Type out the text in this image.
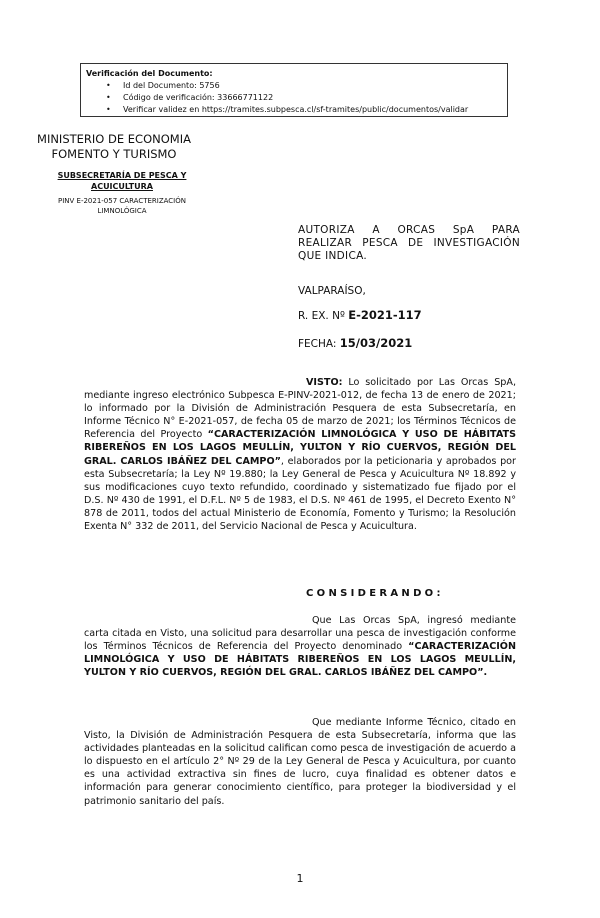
Verificación del Documento:
• Id del Documento: 5756
• Código de verificación: 33666771122
• Verificar validez en https://tramites.subpesca.cl/sf-tramites/public/documentos/validar
MINISTERIO DE ECONOMIA
FOMENTO Y TURISMO
SUBSECRETARÍA DE PESCA Y
ACUICULTURA
PINV E-2021-057 CARACTERIZACIÓN
LIMNOLÓGICA
AUTORIZA A ORCAS SpA PARA
REALIZAR PESCA DE INVESTIGACIÓN
QUE INDICA.
VALPARAÍSO,
R. EX. Nº E-2021-117
FECHA: 15/03/2021
VISTO: Lo solicitado por Las Orcas SpA, mediante ingreso electrónico Subpesca E-PINV-2021-012, de fecha 13 de enero de 2021; lo informado por la División de Administración Pesquera de esta Subsecretaría, en Informe Técnico N° E-2021-057, de fecha 05 de marzo de 2021; los Términos Técnicos de Referencia del Proyecto “CARACTERIZACIÓN LIMNOLÓGICA Y USO DE HÁBITATS RIBEREÑOS EN LOS LAGOS MEULLÍN, YULTON Y RÍO CUERVOS, REGIÓN DEL GRAL. CARLOS IBÁÑEZ DEL CAMPO”, elaborados por la peticionaria y aprobados por esta Subsecretaría; la Ley Nº 19.880; la Ley General de Pesca y Acuicultura Nº 18.892 y sus modificaciones cuyo texto refundido, coordinado y sistematizado fue fijado por el D.S. Nº 430 de 1991, el D.F.L. Nº 5 de 1983, el D.S. Nº 461 de 1995, el Decreto Exento N° 878 de 2011, todos del actual Ministerio de Economía, Fomento y Turismo; la Resolución Exenta N° 332 de 2011, del Servicio Nacional de Pesca y Acuicultura.
CONSIDERANDO:
Que Las Orcas SpA, ingresó mediante carta citada en Visto, una solicitud para desarrollar una pesca de investigación conforme los Términos Técnicos de Referencia del Proyecto denominado “CARACTERIZACIÓN LIMNOLÓGICA Y USO DE HÁBITATS RIBEREÑOS EN LOS LAGOS MEULLÍN, YULTON Y RÍO CUERVOS, REGIÓN DEL GRAL. CARLOS IBÁÑEZ DEL CAMPO”.
Que mediante Informe Técnico, citado en Visto, la División de Administración Pesquera de esta Subsecretaría, informa que las actividades planteadas en la solicitud califican como pesca de investigación de acuerdo a lo dispuesto en el artículo 2° Nº 29 de la Ley General de Pesca y Acuicultura, por cuanto es una actividad extractiva sin fines de lucro, cuya finalidad es obtener datos e información para generar conocimiento científico, para proteger la biodiversidad y el patrimonio sanitario del país.
1
